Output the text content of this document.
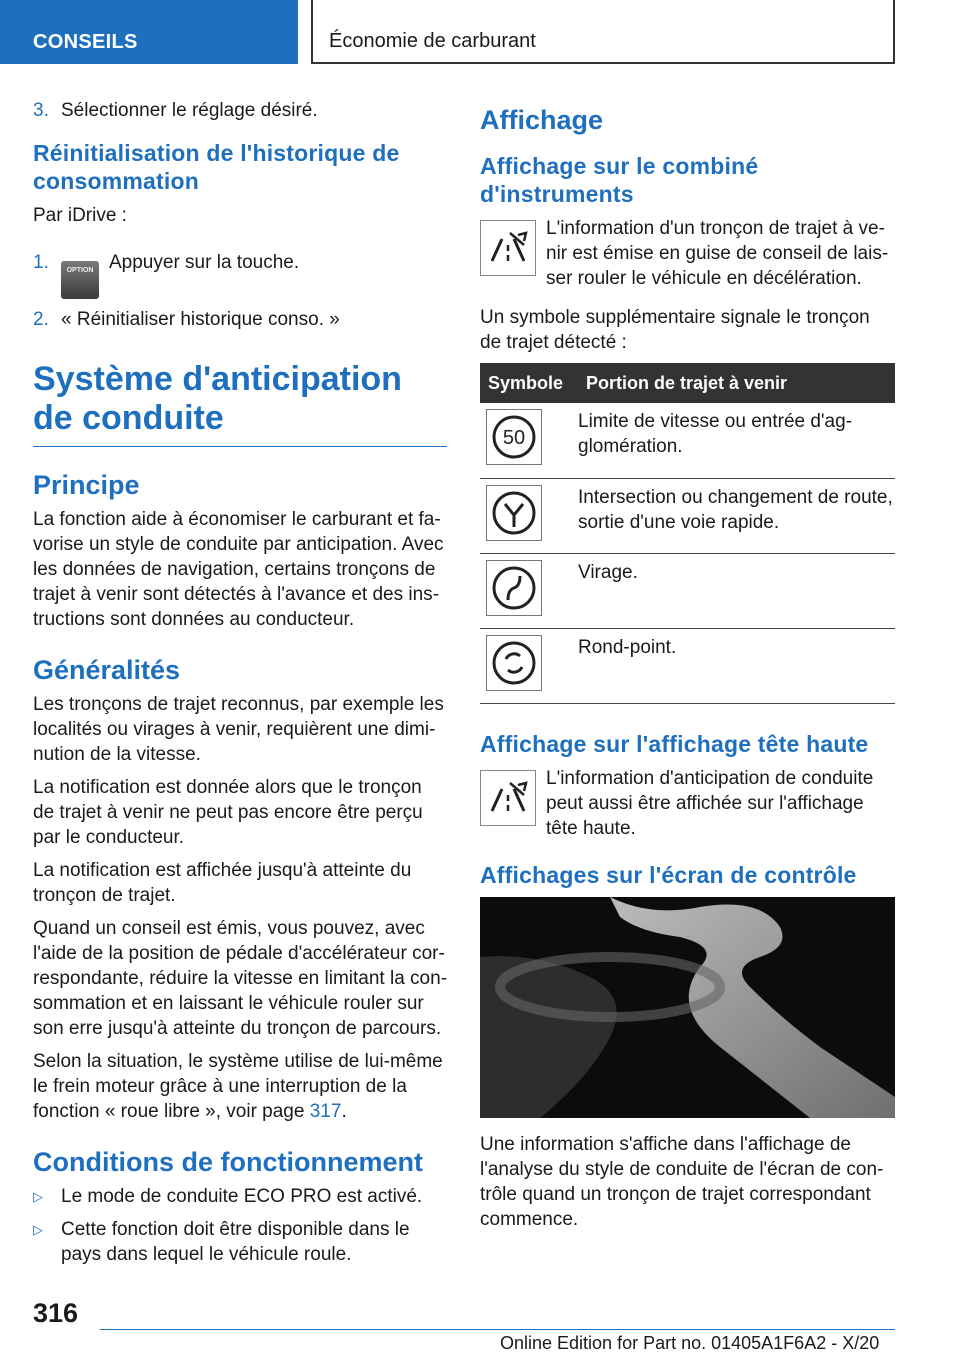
CONSEILS	Économie de carburant
3. Sélectionner le réglage désiré.
Réinitialisation de l'historique de consommation

Par iDrive :

1.	OPTION Appuyer sur la touche.
2. « Réinitialiser historique conso. »
Système d'anticipation de conduite
Principe

La fonction aide à économiser le carburant et favorise un style de conduite par anticipation. Avec les données de navigation, certains tronçons de trajet à venir sont détectés à l'avance et des instructions sont données au conducteur.

Généralités

Les tronçons de trajet reconnus, par exemple les localités ou virages à venir, requièrent une diminution de la vitesse.

La notification est donnée alors que le tronçon de trajet à venir ne peut pas encore être perçu par le conducteur.

La notification est affichée jusqu'à atteinte du tronçon de trajet.

Quand un conseil est émis, vous pouvez, avec l'aide de la position de pédale d'accélérateur correspondante, réduire la vitesse en limitant la consommation et en laissant le véhicule rouler sur son erre jusqu'à atteinte du tronçon de parcours.

Selon la situation, le système utilise de lui-même le frein moteur grâce à une interruption de la fonction « roue libre », voir page 317.

Conditions de fonctionnement
▷ Le mode de conduite ECO PRO est activé.
▷ Cette fonction doit être disponible dans le pays dans lequel le véhicule roule.
Affichage
Affichage sur le combiné d'instruments

L'information d'un tronçon de trajet à venir est émise en guise de conseil de laisser rouler le véhicule en décélération.

Un symbole supplémentaire signale le tronçon de trajet détecté :

Symbole	Portion de trajet à venir

50	Limite de vitesse ou entrée d'agglomération.

	Intersection ou changement de route, sortie d'une voie rapide.

	Virage.

	Rond-point.
Affichage sur l'affichage tête haute

L'information d'anticipation de conduite peut aussi être affichée sur l'affichage tête haute.

Affichages sur l'écran de contrôle

Une information s'affiche dans l'affichage de l'analyse du style de conduite de l'écran de contrôle quand un tronçon de trajet correspondant commence.

316
Online Edition for Part no. 01405A1F6A2 - X/20
